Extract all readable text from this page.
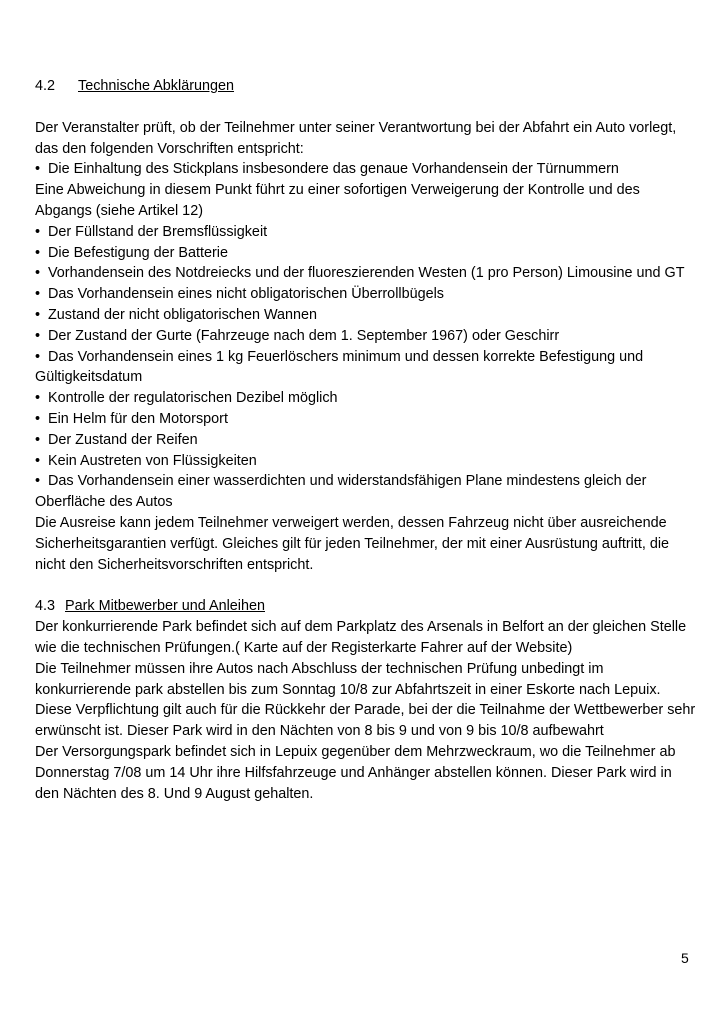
4.2	Technische Abklärungen

Der Veranstalter prüft, ob der Teilnehmer unter seiner Verantwortung bei der Abfahrt ein Auto vorlegt, das den folgenden Vorschriften entspricht:

• Die Einhaltung des Stickplans insbesondere das genaue Vorhandensein der Türnummern
Eine Abweichung in diesem Punkt führt zu einer sofortigen Verweigerung der Kontrolle und des Abgangs (siehe Artikel 12)
• Der Füllstand der Bremsflüssigkeit
• Die Befestigung der Batterie
• Vorhandensein des Notdreiecks und der fluoreszierenden Westen (1 pro Person) Limousine und GT
• Das Vorhandensein eines nicht obligatorischen Überrollbügels
• Zustand der nicht obligatorischen Wannen
• Der Zustand der Gurte (Fahrzeuge nach dem 1. September 1967) oder Geschirr
• Das Vorhandensein eines 1 kg Feuerlöschers minimum und dessen korrekte Befestigung und Gültigkeitsdatum
• Kontrolle der regulatorischen Dezibel möglich
• Ein Helm für den Motorsport
• Der Zustand der Reifen
• Kein Austreten von Flüssigkeiten
• Das Vorhandensein einer wasserdichten und widerstandsfähigen Plane mindestens gleich der Oberfläche des Autos

Die Ausreise kann jedem Teilnehmer verweigert werden, dessen Fahrzeug nicht über ausreichende Sicherheitsgarantien verfügt. Gleiches gilt für jeden Teilnehmer, der mit einer Ausrüstung auftritt, die nicht den Sicherheitsvorschriften entspricht.

4.3 Park Mitbewerber und Anleihen

Der konkurrierende Park befindet sich auf dem Parkplatz des Arsenals in Belfort an der gleichen Stelle wie die technischen Prüfungen.( Karte auf der Registerkarte Fahrer auf der Website)

Die Teilnehmer müssen ihre Autos nach Abschluss der technischen Prüfung unbedingt im konkurrierende park abstellen bis zum Sonntag 10/8 zur Abfahrtszeit in einer Eskorte nach Lepuix.

Diese Verpflichtung gilt auch für die Rückkehr der Parade, bei der die Teilnahme der Wettbewerber sehr erwünscht ist. Dieser Park wird in den Nächten von 8 bis 9 und von 9 bis 10/8 aufbewahrt

Der Versorgungspark befindet sich in Lepuix gegenüber dem Mehrzweckraum, wo die Teilnehmer ab Donnerstag 7/08 um 14 Uhr ihre Hilfsfahrzeuge und Anhänger abstellen können. Dieser Park wird in den Nächten des 8. Und 9 August gehalten.

5
